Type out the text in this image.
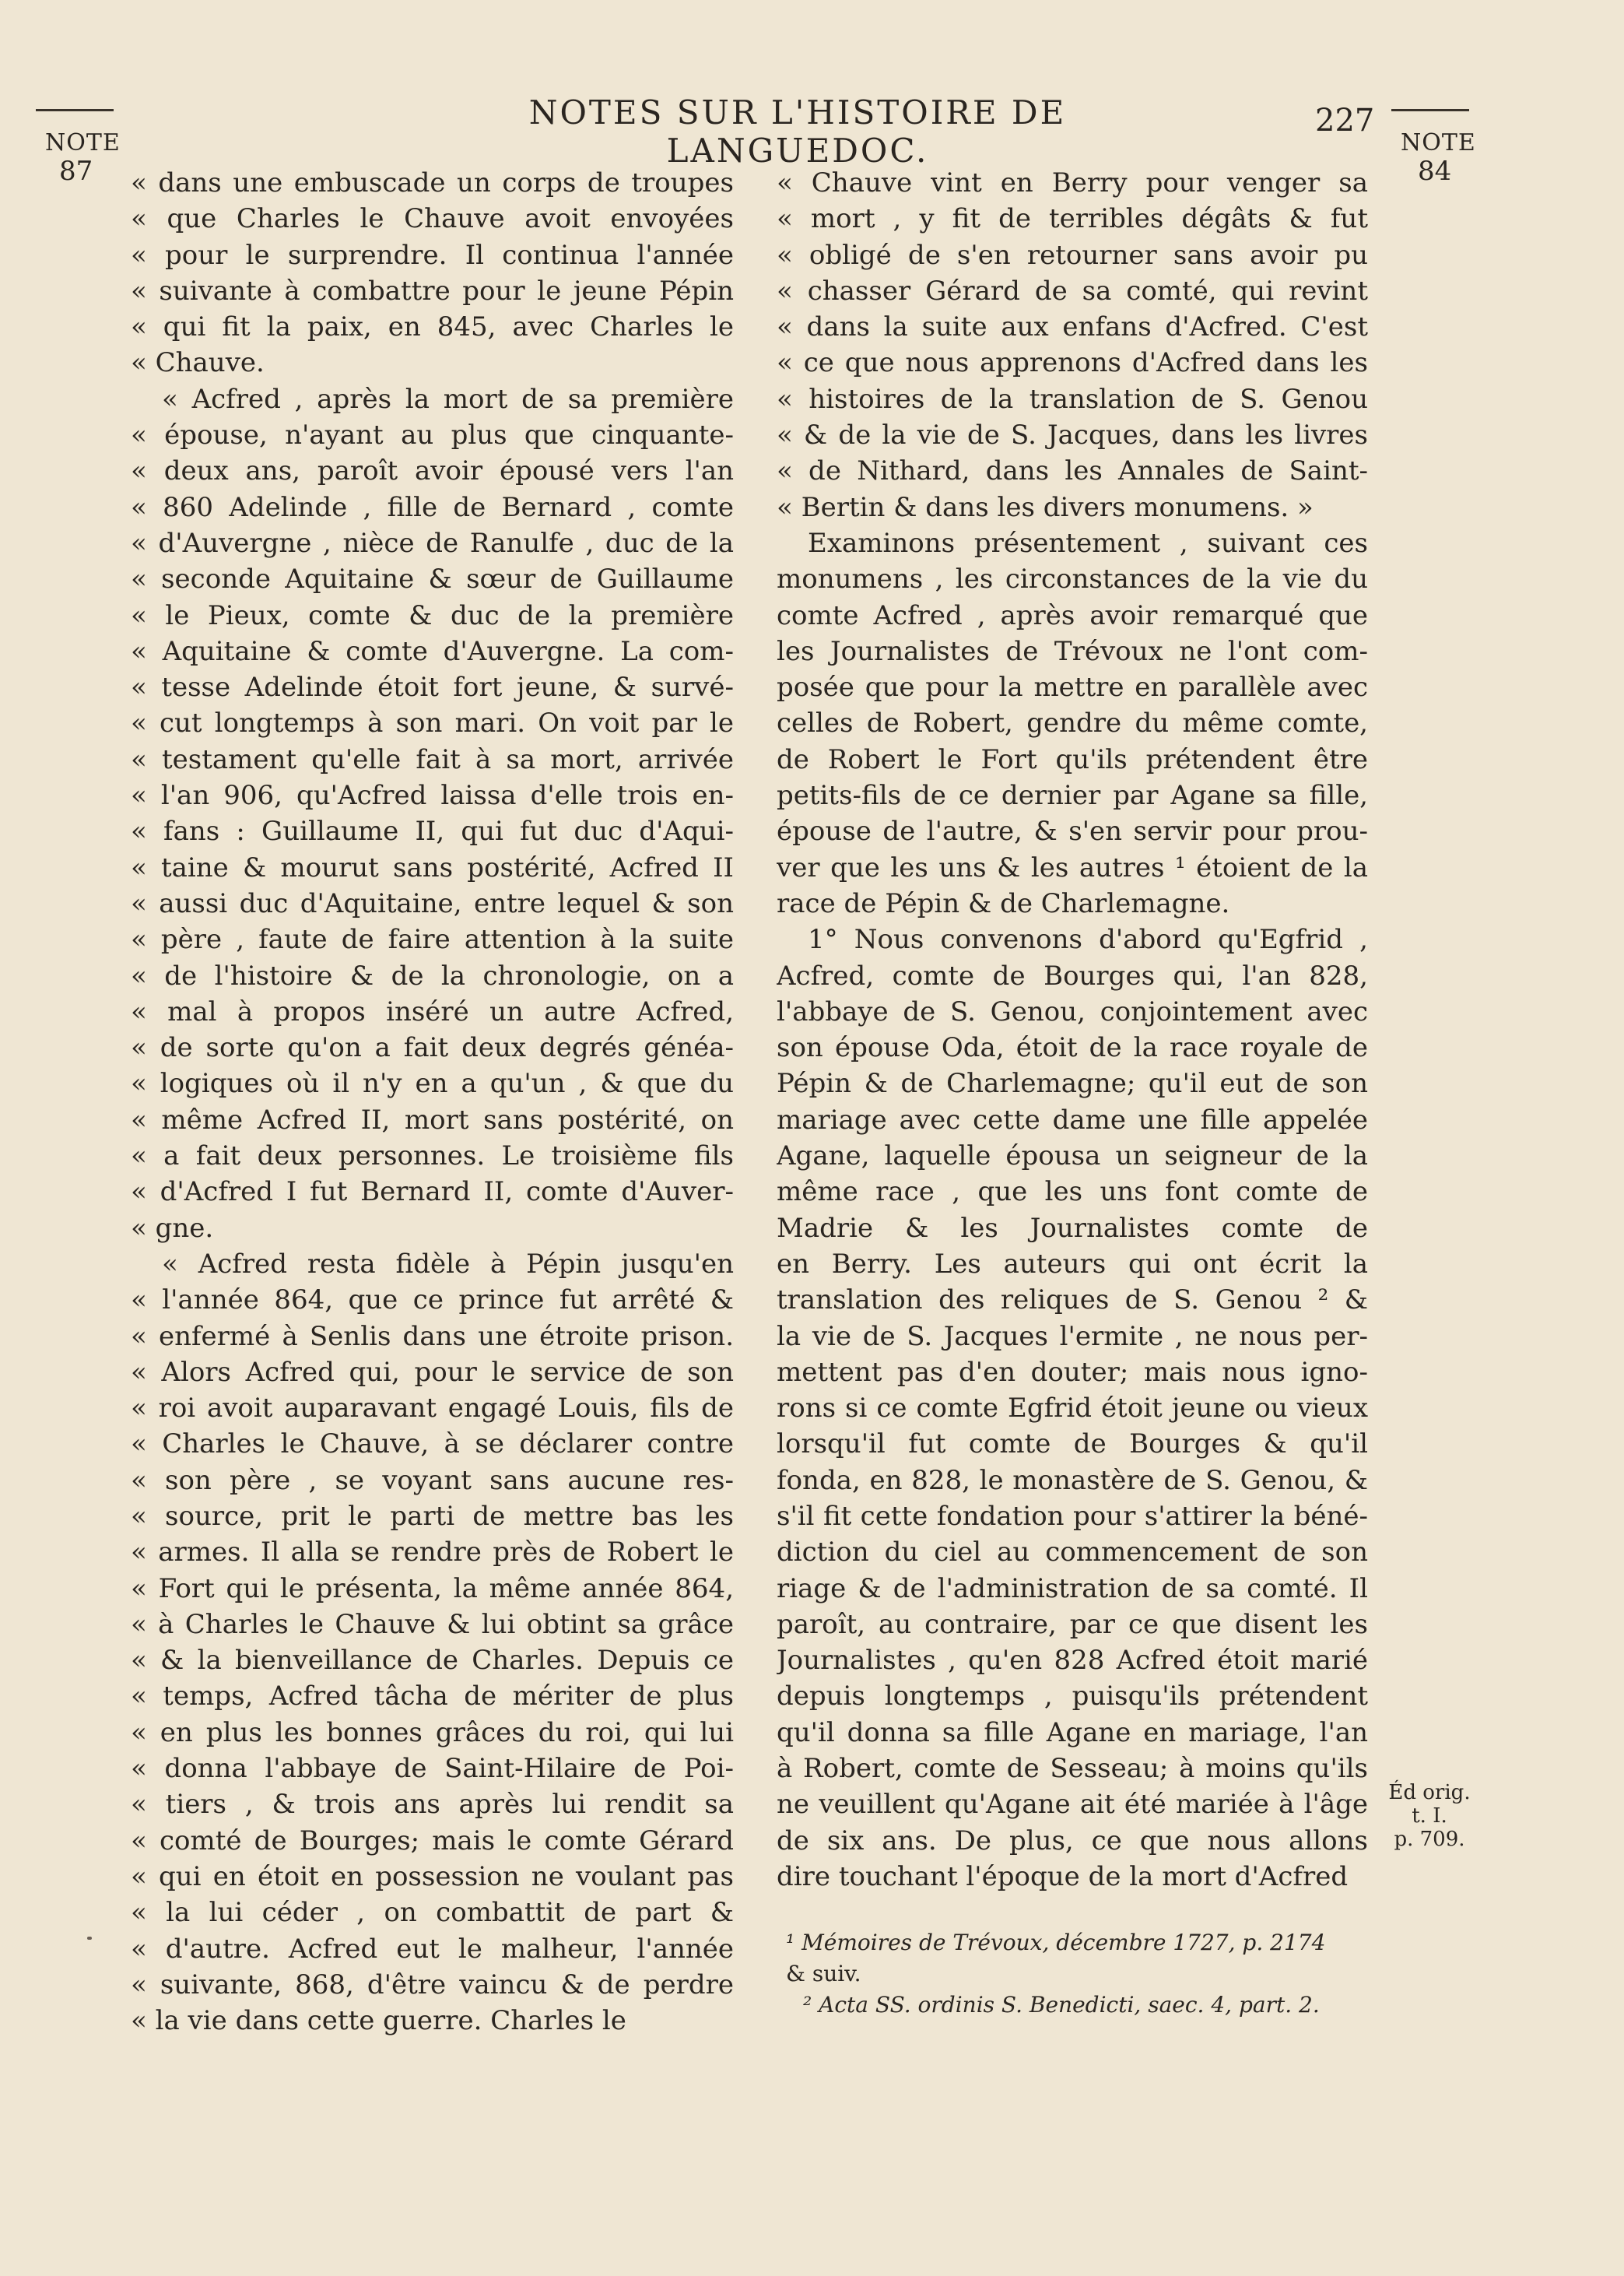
NOTE
87
NOTES SUR L'HISTOIRE DE LANGUEDOC.
227
NOTE
84
« dans une embuscade un corps de troupes
« que Charles le Chauve avoit envoyées
« pour le surprendre. Il continua l'année
« suivante à combattre pour le jeune Pépin
« qui fit la paix, en 845, avec Charles le
« Chauve.
« Acfred , après la mort de sa première
« épouse, n'ayant au plus que cinquante-
« deux ans, paroît avoir épousé vers l'an
« 860 Adelinde , fille de Bernard , comte
« d'Auvergne , nièce de Ranulfe , duc de la
« seconde Aquitaine & sœur de Guillaume
« le Pieux, comte & duc de la première
« Aquitaine & comte d'Auvergne. La com-
« tesse Adelinde étoit fort jeune, & survé-
« cut longtemps à son mari. On voit par le
« testament qu'elle fait à sa mort, arrivée
« l'an 906, qu'Acfred laissa d'elle trois en-
« fans : Guillaume II, qui fut duc d'Aqui-
« taine & mourut sans postérité, Acfred II
« aussi duc d'Aquitaine, entre lequel & son
« père , faute de faire attention à la suite
« de l'histoire & de la chronologie, on a
« mal à propos inséré un autre Acfred,
« de sorte qu'on a fait deux degrés généa-
« logiques où il n'y en a qu'un , & que du
« même Acfred II, mort sans postérité, on
« a fait deux personnes. Le troisième fils
« d'Acfred I fut Bernard II, comte d'Auver-
« gne.
« Acfred resta fidèle à Pépin jusqu'en
« l'année 864, que ce prince fut arrêté &
« enfermé à Senlis dans une étroite prison.
« Alors Acfred qui, pour le service de son
« roi avoit auparavant engagé Louis, fils de
« Charles le Chauve, à se déclarer contre
« son père , se voyant sans aucune res-
« source, prit le parti de mettre bas les
« armes. Il alla se rendre près de Robert le
« Fort qui le présenta, la même année 864,
« à Charles le Chauve & lui obtint sa grâce
« & la bienveillance de Charles. Depuis ce
« temps, Acfred tâcha de mériter de plus
« en plus les bonnes grâces du roi, qui lui
« donna l'abbaye de Saint-Hilaire de Poi-
« tiers , & trois ans après lui rendit sa
« comté de Bourges; mais le comte Gérard
« qui en étoit en possession ne voulant pas
« la lui céder , on combattit de part &
« d'autre. Acfred eut le malheur, l'année
« suivante, 868, d'être vaincu & de perdre
« la vie dans cette guerre. Charles le
« Chauve vint en Berry pour venger sa
« mort , y fit de terribles dégâts & fut
« obligé de s'en retourner sans avoir pu
« chasser Gérard de sa comté, qui revint
« dans la suite aux enfans d'Acfred. C'est
« ce que nous apprenons d'Acfred dans les
« histoires de la translation de S. Genou
« & de la vie de S. Jacques, dans les livres
« de Nithard, dans les Annales de Saint-
« Bertin & dans les divers monumens. »
Examinons présentement , suivant ces
monumens , les circonstances de la vie du
comte Acfred , après avoir remarqué que
les Journalistes de Trévoux ne l'ont com-
posée que pour la mettre en parallèle avec
celles de Robert, gendre du même comte,
de Robert le Fort qu'ils prétendent être
petits-fils de ce dernier par Agane sa fille,
épouse de l'autre, & s'en servir pour prou-
ver que les uns & les autres ¹ étoient de la
race de Pépin & de Charlemagne.
1° Nous convenons d'abord qu'Egfrid ,
Acfred, comte de Bourges qui, l'an 828,
l'abbaye de S. Genou, conjointement avec
son épouse Oda, étoit de la race royale de
Pépin & de Charlemagne; qu'il eut de son
mariage avec cette dame une fille appelée
Agane, laquelle épousa un seigneur de la
même race , que les uns font comte de
Madrie & les Journalistes comte de
en Berry. Les auteurs qui ont écrit la
translation des reliques de S. Genou ² &
la vie de S. Jacques l'ermite , ne nous per-
mettent pas d'en douter; mais nous igno-
rons si ce comte Egfrid étoit jeune ou vieux
lorsqu'il fut comte de Bourges & qu'il
fonda, en 828, le monastère de S. Genou, &
s'il fit cette fondation pour s'attirer la béné-
diction du ciel au commencement de son
riage & de l'administration de sa comté. Il
paroît, au contraire, par ce que disent les
Journalistes , qu'en 828 Acfred étoit marié
depuis longtemps , puisqu'ils prétendent
qu'il donna sa fille Agane en mariage, l'an
à Robert, comte de Sesseau; à moins qu'ils
ne veuillent qu'Agane ait été mariée à l'âge
de six ans. De plus, ce que nous allons
dire touchant l'époque de la mort d'Acfred
¹ Mémoires de Trévoux, décembre 1727, p. 2174
& suiv.
² Acta SS. ordinis S. Benedicti, saec. 4, part. 2.
Éd orig.
t. I.
p. 709.
